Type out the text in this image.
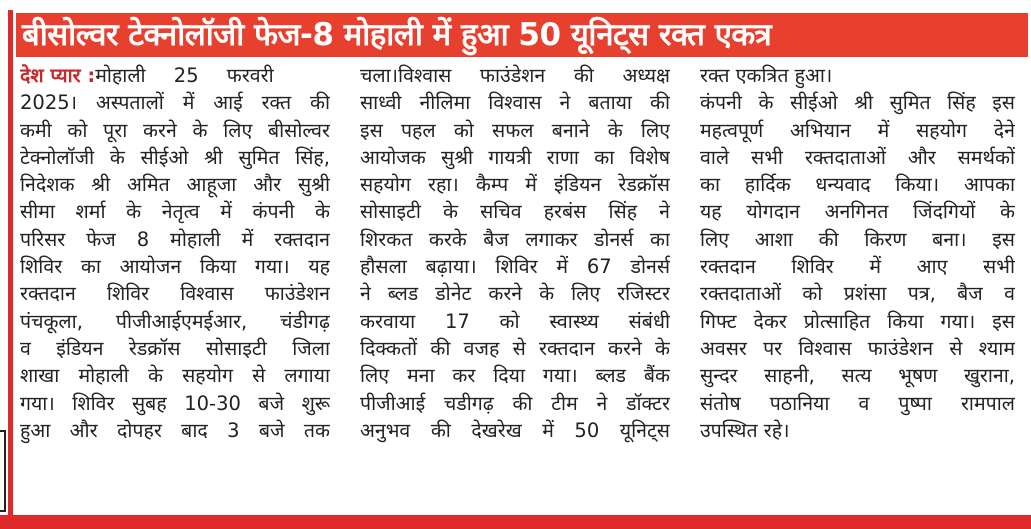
बीसोल्वर टेक्नोलॉजी फेज-8 मोहाली में हुआ 50 यूनिट्स रक्त एकत्र
देश प्यार :मोहाली 25 फरवरी
2025। अस्पतालों में आई रक्त की
कमी को पूरा करने के लिए बीसोल्वर
टेक्नोलॉजी के सीईओ श्री सुमित सिंह,
निदेशक श्री अमित आहूजा और सुश्री
सीमा शर्मा के नेतृत्व में कंपनी के
परिसर फेज 8 मोहाली में रक्तदान
शिविर का आयोजन किया गया। यह
रक्तदान शिविर विश्वास फाउंडेशन
पंचकूला, पीजीआईएमईआर, चंडीगढ़
व इंडियन रेडक्रॉस सोसाइटी जिला
शाखा मोहाली के सहयोग से लगाया
गया। शिविर सुबह 10-30 बजे शुरू
हुआ और दोपहर बाद 3 बजे तक
चला।विश्वास फाउंडेशन की अध्यक्ष
साध्वी नीलिमा विश्वास ने बताया की
इस पहल को सफल बनाने के लिए
आयोजक सुश्री गायत्री राणा का विशेष
सहयोग रहा। कैम्प में इंडियन रेडक्रॉस
सोसाइटी के सचिव हरबंस सिंह ने
शिरकत करके बैज लगाकर डोनर्स का
हौसला बढ़ाया। शिविर में 67 डोनर्स
ने ब्लड डोनेट करने के लिए रजिस्टर
करवाया 17 को स्वास्थ्य संबंधी
दिक्कतों की वजह से रक्तदान करने के
लिए मना कर दिया गया। ब्लड बैंक
पीजीआई चडीगढ़ की टीम ने डॉक्टर
अनुभव की देखरेख में 50 यूनिट्स
रक्त एकत्रित हुआ।
कंपनी के सीईओ श्री सुमित सिंह इस
महत्वपूर्ण अभियान में सहयोग देने
वाले सभी रक्तदाताओं और समर्थकों
का हार्दिक धन्यवाद किया। आपका
यह योगदान अनगिनत जिंदगियों के
लिए आशा की किरण बना। इस
रक्तदान शिविर में आए सभी
रक्तदाताओं को प्रशंसा पत्र, बैज व
गिफ्ट देकर प्रोत्साहित किया गया। इस
अवसर पर विश्वास फाउंडेशन से श्याम
सुन्दर साहनी, सत्य भूषण खुराना,
संतोष पठानिया व पुष्पा रामपाल
उपस्थित रहे।
